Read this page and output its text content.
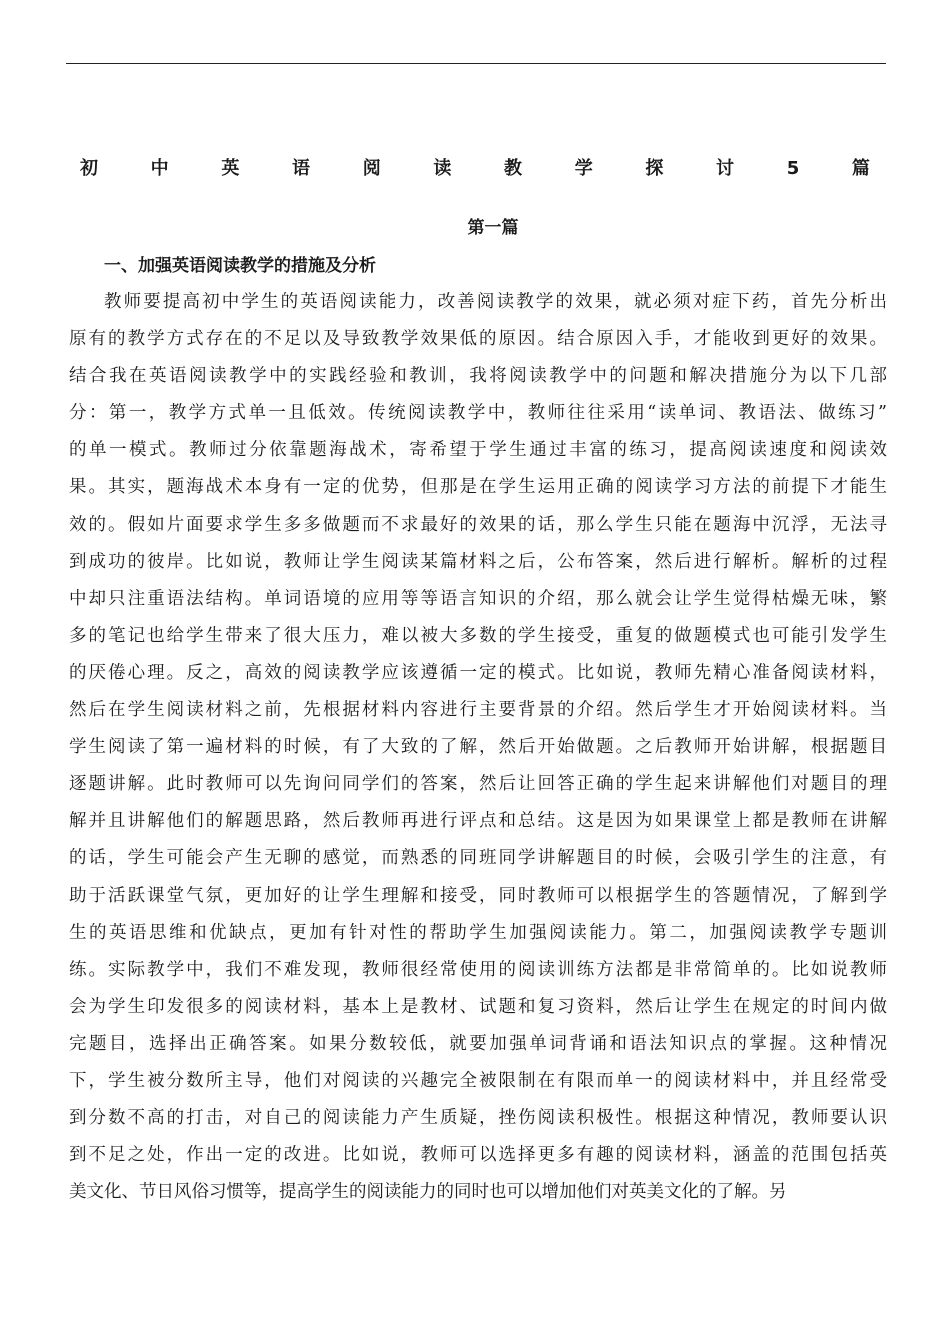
初	中	英	语	阅	读	教	学	探	讨	5	篇
第一篇
一、加强英语阅读教学的措施及分析
教师要提高初中学生的英语阅读能力，改善阅读教学的效果，就必须对症下药，首先分析出
原有的教学方式存在的不足以及导致教学效果低的原因。结合原因入手，才能收到更好的效果。
结合我在英语阅读教学中的实践经验和教训，我将阅读教学中的问题和解决措施分为以下几部
分：第一，教学方式单一且低效。传统阅读教学中，教师往往采用“读单词、教语法、做练习”
的单一模式。教师过分依靠题海战术，寄希望于学生通过丰富的练习，提高阅读速度和阅读效
果。其实，题海战术本身有一定的优势，但那是在学生运用正确的阅读学习方法的前提下才能生
效的。假如片面要求学生多多做题而不求最好的效果的话，那么学生只能在题海中沉浮，无法寻
到成功的彼岸。比如说，教师让学生阅读某篇材料之后，公布答案，然后进行解析。解析的过程
中却只注重语法结构。单词语境的应用等等语言知识的介绍，那么就会让学生觉得枯燥无味，繁
多的笔记也给学生带来了很大压力，难以被大多数的学生接受，重复的做题模式也可能引发学生
的厌倦心理。反之，高效的阅读教学应该遵循一定的模式。比如说，教师先精心准备阅读材料，
然后在学生阅读材料之前，先根据材料内容进行主要背景的介绍。然后学生才开始阅读材料。当
学生阅读了第一遍材料的时候，有了大致的了解，然后开始做题。之后教师开始讲解，根据题目
逐题讲解。此时教师可以先询问同学们的答案，然后让回答正确的学生起来讲解他们对题目的理
解并且讲解他们的解题思路，然后教师再进行评点和总结。这是因为如果课堂上都是教师在讲解
的话，学生可能会产生无聊的感觉，而熟悉的同班同学讲解题目的时候，会吸引学生的注意，有
助于活跃课堂气氛，更加好的让学生理解和接受，同时教师可以根据学生的答题情况，了解到学
生的英语思维和优缺点，更加有针对性的帮助学生加强阅读能力。第二，加强阅读教学专题训
练。实际教学中，我们不难发现，教师很经常使用的阅读训练方法都是非常简单的。比如说教师
会为学生印发很多的阅读材料，基本上是教材、试题和复习资料，然后让学生在规定的时间内做
完题目，选择出正确答案。如果分数较低，就要加强单词背诵和语法知识点的掌握。这种情况
下，学生被分数所主导，他们对阅读的兴趣完全被限制在有限而单一的阅读材料中，并且经常受
到分数不高的打击，对自己的阅读能力产生质疑，挫伤阅读积极性。根据这种情况，教师要认识
到不足之处，作出一定的改进。比如说，教师可以选择更多有趣的阅读材料，涵盖的范围包括英
美文化、节日风俗习惯等，提高学生的阅读能力的同时也可以增加他们对英美文化的了解。另
